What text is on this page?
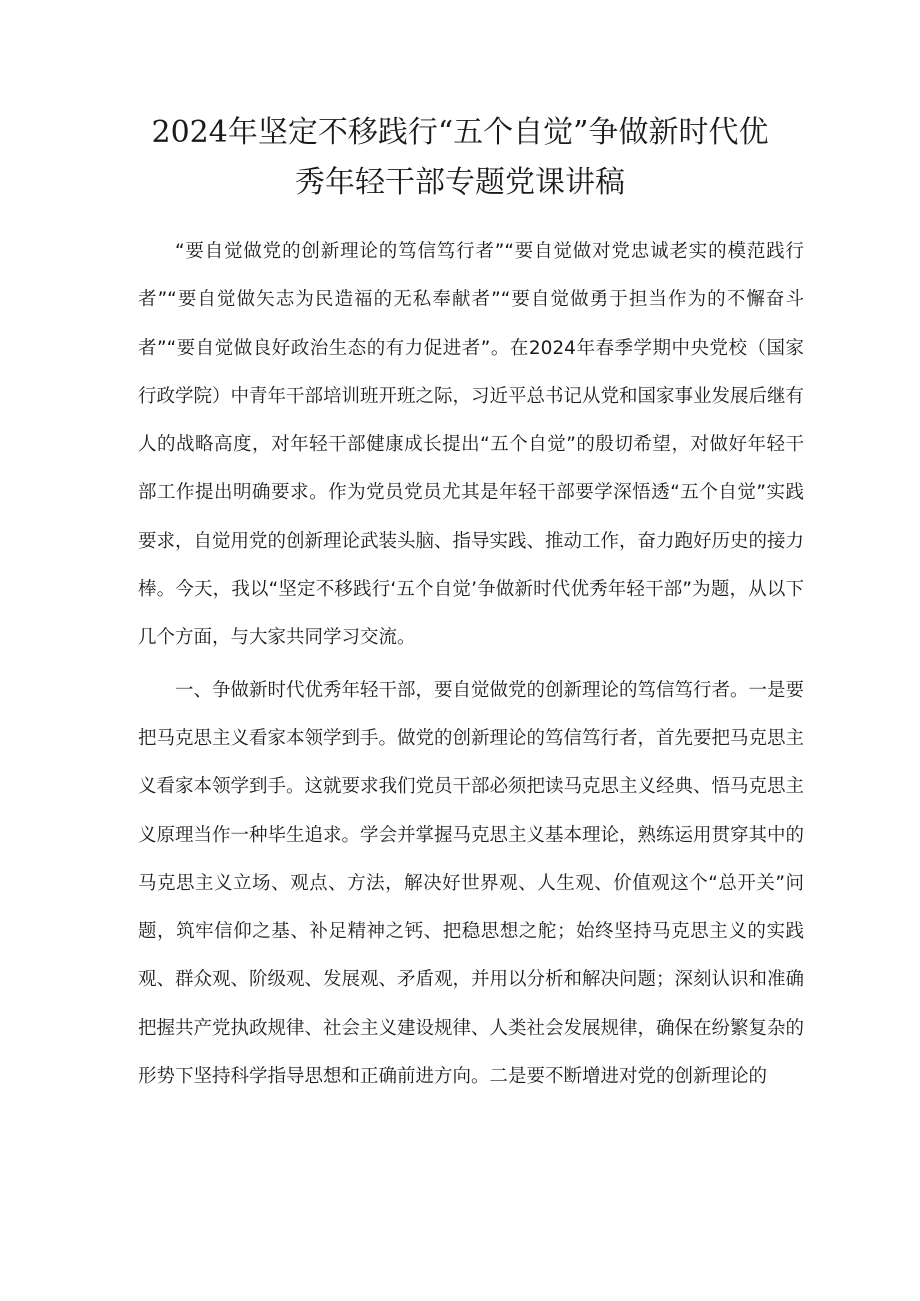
2024年坚定不移践行“五个自觉”争做新时代优
秀年轻干部专题党课讲稿

“要自觉做党的创新理论的笃信笃行者”“要自觉做对党忠诚老实的模范践行者”“要自觉做矢志为民造福的无私奉献者”“要自觉做勇于担当作为的不懈奋斗者”“要自觉做良好政治生态的有力促进者”。在2024年春季学期中央党校（国家行政学院）中青年干部培训班开班之际，习近平总书记从党和国家事业发展后继有人的战略高度，对年轻干部健康成长提出“五个自觉”的殷切希望，对做好年轻干部工作提出明确要求。作为党员党员尤其是年轻干部要学深悟透“五个自觉”实践要求，自觉用党的创新理论武装头脑、指导实践、推动工作，奋力跑好历史的接力棒。今天，我以“坚定不移践行‘五个自觉’争做新时代优秀年轻干部”为题，从以下几个方面，与大家共同学习交流。

一、争做新时代优秀年轻干部，要自觉做党的创新理论的笃信笃行者。一是要把马克思主义看家本领学到手。做党的创新理论的笃信笃行者，首先要把马克思主义看家本领学到手。这就要求我们党员干部必须把读马克思主义经典、悟马克思主义原理当作一种毕生追求。学会并掌握马克思主义基本理论，熟练运用贯穿其中的马克思主义立场、观点、方法，解决好世界观、人生观、价值观这个“总开关”问题，筑牢信仰之基、补足精神之钙、把稳思想之舵；始终坚持马克思主义的实践观、群众观、阶级观、发展观、矛盾观，并用以分析和解决问题；深刻认识和准确把握共产党执政规律、社会主义建设规律、人类社会发展规律，确保在纷繁复杂的形势下坚持科学指导思想和正确前进方向。二是要不断增进对党的创新理论的
